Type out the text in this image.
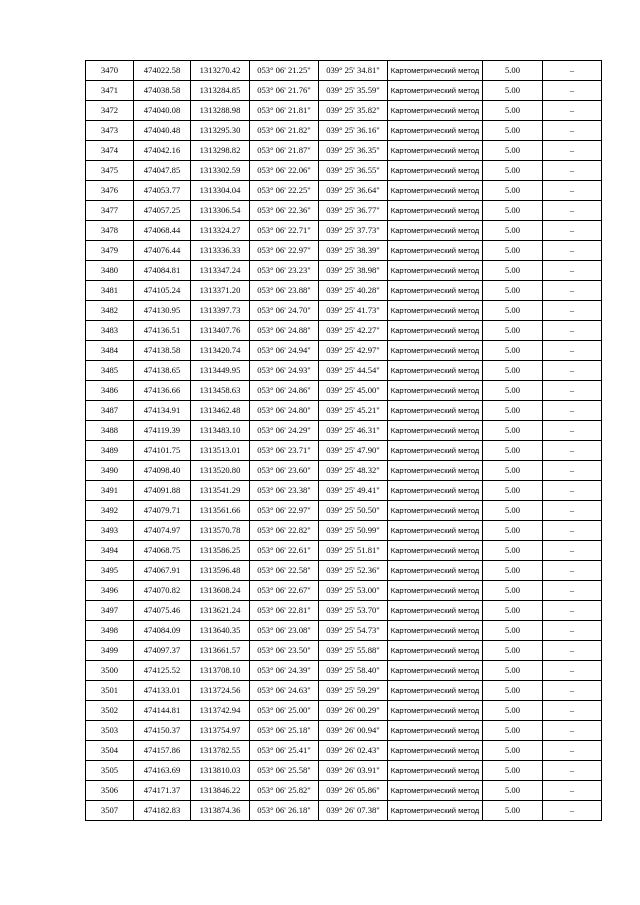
3470	474022.58	1313270.42	053° 06' 21.25"	039° 25' 34.81"	Картометрический метод	5.00	–
3471	474038.58	1313284.85	053° 06' 21.76"	039° 25' 35.59"	Картометрический метод	5.00	–
3472	474040.08	1313288.98	053° 06' 21.81"	039° 25' 35.82"	Картометрический метод	5.00	–
3473	474040.48	1313295.30	053° 06' 21.82"	039° 25' 36.16"	Картометрический метод	5.00	–
3474	474042.16	1313298.82	053° 06' 21.87"	039° 25' 36.35"	Картометрический метод	5.00	–
3475	474047.85	1313302.59	053° 06' 22.06"	039° 25' 36.55"	Картометрический метод	5.00	–
3476	474053.77	1313304.04	053° 06' 22.25"	039° 25' 36.64"	Картометрический метод	5.00	–
3477	474057.25	1313306.54	053° 06' 22.36"	039° 25' 36.77"	Картометрический метод	5.00	–
3478	474068.44	1313324.27	053° 06' 22.71"	039° 25' 37.73"	Картометрический метод	5.00	–
3479	474076.44	1313336.33	053° 06' 22.97"	039° 25' 38.39"	Картометрический метод	5.00	–
3480	474084.81	1313347.24	053° 06' 23.23"	039° 25' 38.98"	Картометрический метод	5.00	–
3481	474105.24	1313371.20	053° 06' 23.88"	039° 25' 40.28"	Картометрический метод	5.00	–
3482	474130.95	1313397.73	053° 06' 24.70"	039° 25' 41.73"	Картометрический метод	5.00	–
3483	474136.51	1313407.76	053° 06' 24.88"	039° 25' 42.27"	Картометрический метод	5.00	–
3484	474138.58	1313420.74	053° 06' 24.94"	039° 25' 42.97"	Картометрический метод	5.00	–
3485	474138.65	1313449.95	053° 06' 24.93"	039° 25' 44.54"	Картометрический метод	5.00	–
3486	474136.66	1313458.63	053° 06' 24.86"	039° 25' 45.00"	Картометрический метод	5.00	–
3487	474134.91	1313462.48	053° 06' 24.80"	039° 25' 45.21"	Картометрический метод	5.00	–
3488	474119.39	1313483.10	053° 06' 24.29"	039° 25' 46.31"	Картометрический метод	5.00	–
3489	474101.75	1313513.01	053° 06' 23.71"	039° 25' 47.90"	Картометрический метод	5.00	–
3490	474098.40	1313520.80	053° 06' 23.60"	039° 25' 48.32"	Картометрический метод	5.00	–
3491	474091.88	1313541.29	053° 06' 23.38"	039° 25' 49.41"	Картометрический метод	5.00	–
3492	474079.71	1313561.66	053° 06' 22.97"	039° 25' 50.50"	Картометрический метод	5.00	–
3493	474074.97	1313570.78	053° 06' 22.82"	039° 25' 50.99"	Картометрический метод	5.00	–
3494	474068.75	1313586.25	053° 06' 22.61"	039° 25' 51.81"	Картометрический метод	5.00	–
3495	474067.91	1313596.48	053° 06' 22.58"	039° 25' 52.36"	Картометрический метод	5.00	–
3496	474070.82	1313608.24	053° 06' 22.67"	039° 25' 53.00"	Картометрический метод	5.00	–
3497	474075.46	1313621.24	053° 06' 22.81"	039° 25' 53.70"	Картометрический метод	5.00	–
3498	474084.09	1313640.35	053° 06' 23.08"	039° 25' 54.73"	Картометрический метод	5.00	–
3499	474097.37	1313661.57	053° 06' 23.50"	039° 25' 55.88"	Картометрический метод	5.00	–
3500	474125.52	1313708.10	053° 06' 24.39"	039° 25' 58.40"	Картометрический метод	5.00	–
3501	474133.01	1313724.56	053° 06' 24.63"	039° 25' 59.29"	Картометрический метод	5.00	–
3502	474144.81	1313742.94	053° 06' 25.00"	039° 26' 00.29"	Картометрический метод	5.00	–
3503	474150.37	1313754.97	053° 06' 25.18"	039° 26' 00.94"	Картометрический метод	5.00	–
3504	474157.86	1313782.55	053° 06' 25.41"	039° 26' 02.43"	Картометрический метод	5.00	–
3505	474163.69	1313810.03	053° 06' 25.58"	039° 26' 03.91"	Картометрический метод	5.00	–
3506	474171.37	1313846.22	053° 06' 25.82"	039° 26' 05.86"	Картометрический метод	5.00	–
3507	474182.83	1313874.36	053° 06' 26.18"	039° 26' 07.38"	Картометрический метод	5.00	–
